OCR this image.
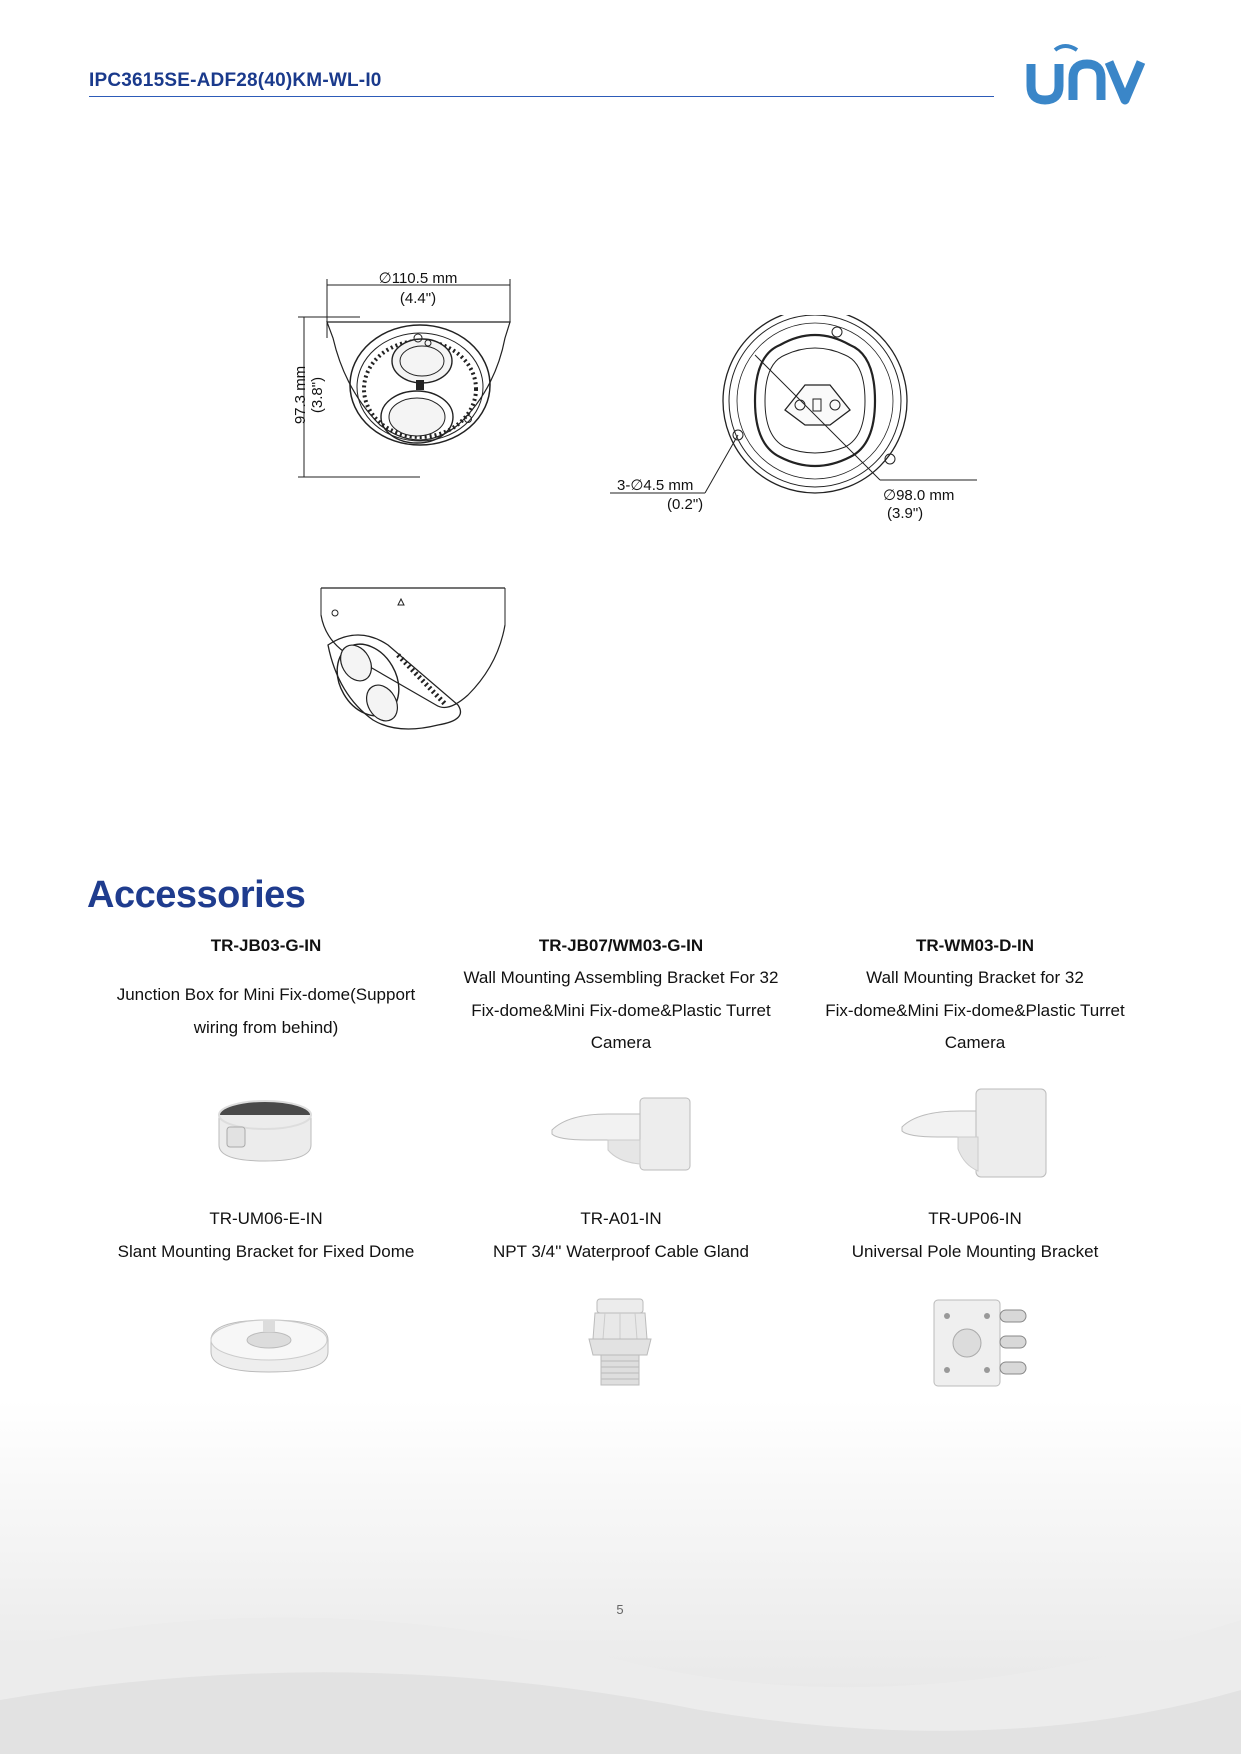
IPC3615SE-ADF28(40)KM-WL-I0
∅110.5 mm
(4.4")
97.3 mm (3.8")
3-∅4.5 mm
(0.2")
∅98.0 mm
(3.9")
Accessories
TR-JB03-G-IN
Junction Box for Mini Fix-dome(Support
wiring from behind)
TR-JB07/WM03-G-IN
Wall Mounting Assembling Bracket For 32
Fix-dome&Mini Fix-dome&Plastic Turret
Camera
TR-WM03-D-IN
Wall Mounting Bracket for 32
Fix-dome&Mini Fix-dome&Plastic Turret
Camera
TR-UM06-E-IN
Slant Mounting Bracket for Fixed Dome
TR-A01-IN
NPT 3/4'' Waterproof Cable Gland
TR-UP06-IN
Universal Pole Mounting Bracket
5
